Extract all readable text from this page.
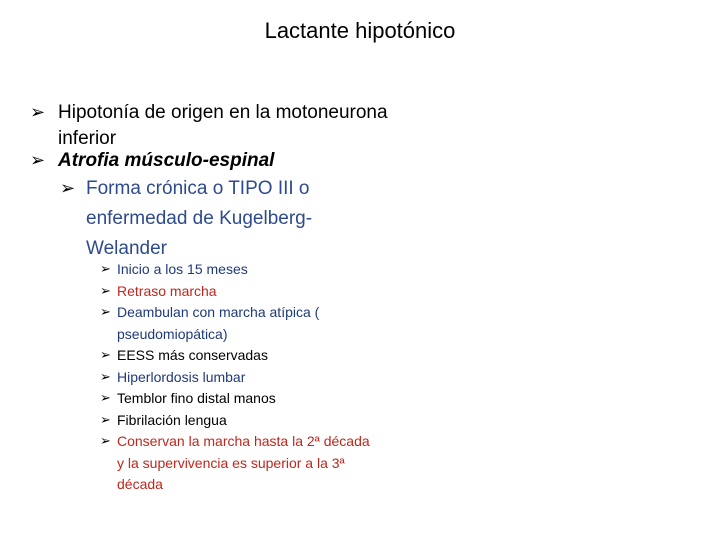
Lactante hipotónico
➢ Hipotonía de origen en la motoneurona inferior
➢ Atrofia músculo-espinal
➢ Forma crónica o TIPO III o enfermedad de Kugelberg-Welander
➢ Inicio a los 15 meses
➢ Retraso marcha
➢ Deambulan con marcha atípica ( pseudomiopática)
➢ EESS más conservadas
➢ Hiperlordosis lumbar
➢ Temblor fino distal manos
➢ Fibrilación lengua
➢ Conservan la marcha hasta la 2ª década y la supervivencia es superior a la 3ª década
